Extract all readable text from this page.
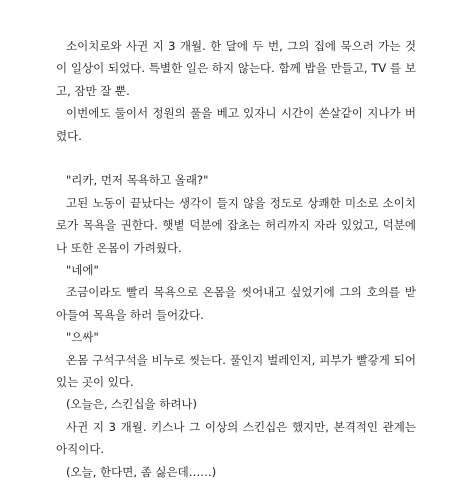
소이치로와 사귄 지 3 개월. 한 달에 두 번, 그의 집에 묵으러 가는 것이 일상이 되었다. 특별한 일은 하지 않는다. 함께 밥을 만들고, TV 를 보고, 잠만 잘 뿐.

이번에도 둘이서 정원의 풀을 베고 있자니 시간이 쏜살같이 지나가 버렸다.

"리카, 먼저 목욕하고 올래?"

고된 노동이 끝났다는 생각이 들지 않을 정도로 상쾌한 미소로 소이치로가 목욕을 권한다. 햇볕 덕분에 잡초는 허리까지 자라 있었고, 덕분에 나 또한 온몸이 가려웠다.

"네에"

조금이라도 빨리 목욕으로 온몸을 씻어내고 싶었기에 그의 호의를 받아들여 목욕을 하러 들어갔다.

"으싸"

온몸 구석구석을 비누로 씻는다. 풀인지 벌레인지, 피부가 빨갛게 되어 있는 곳이 있다.

(오늘은, 스킨십을 하려나)

사귄 지 3 개월. 키스나 그 이상의 스킨십은 했지만, 본격적인 관계는 아직이다.

(오늘, 한다면, 좀 싫은데……)
